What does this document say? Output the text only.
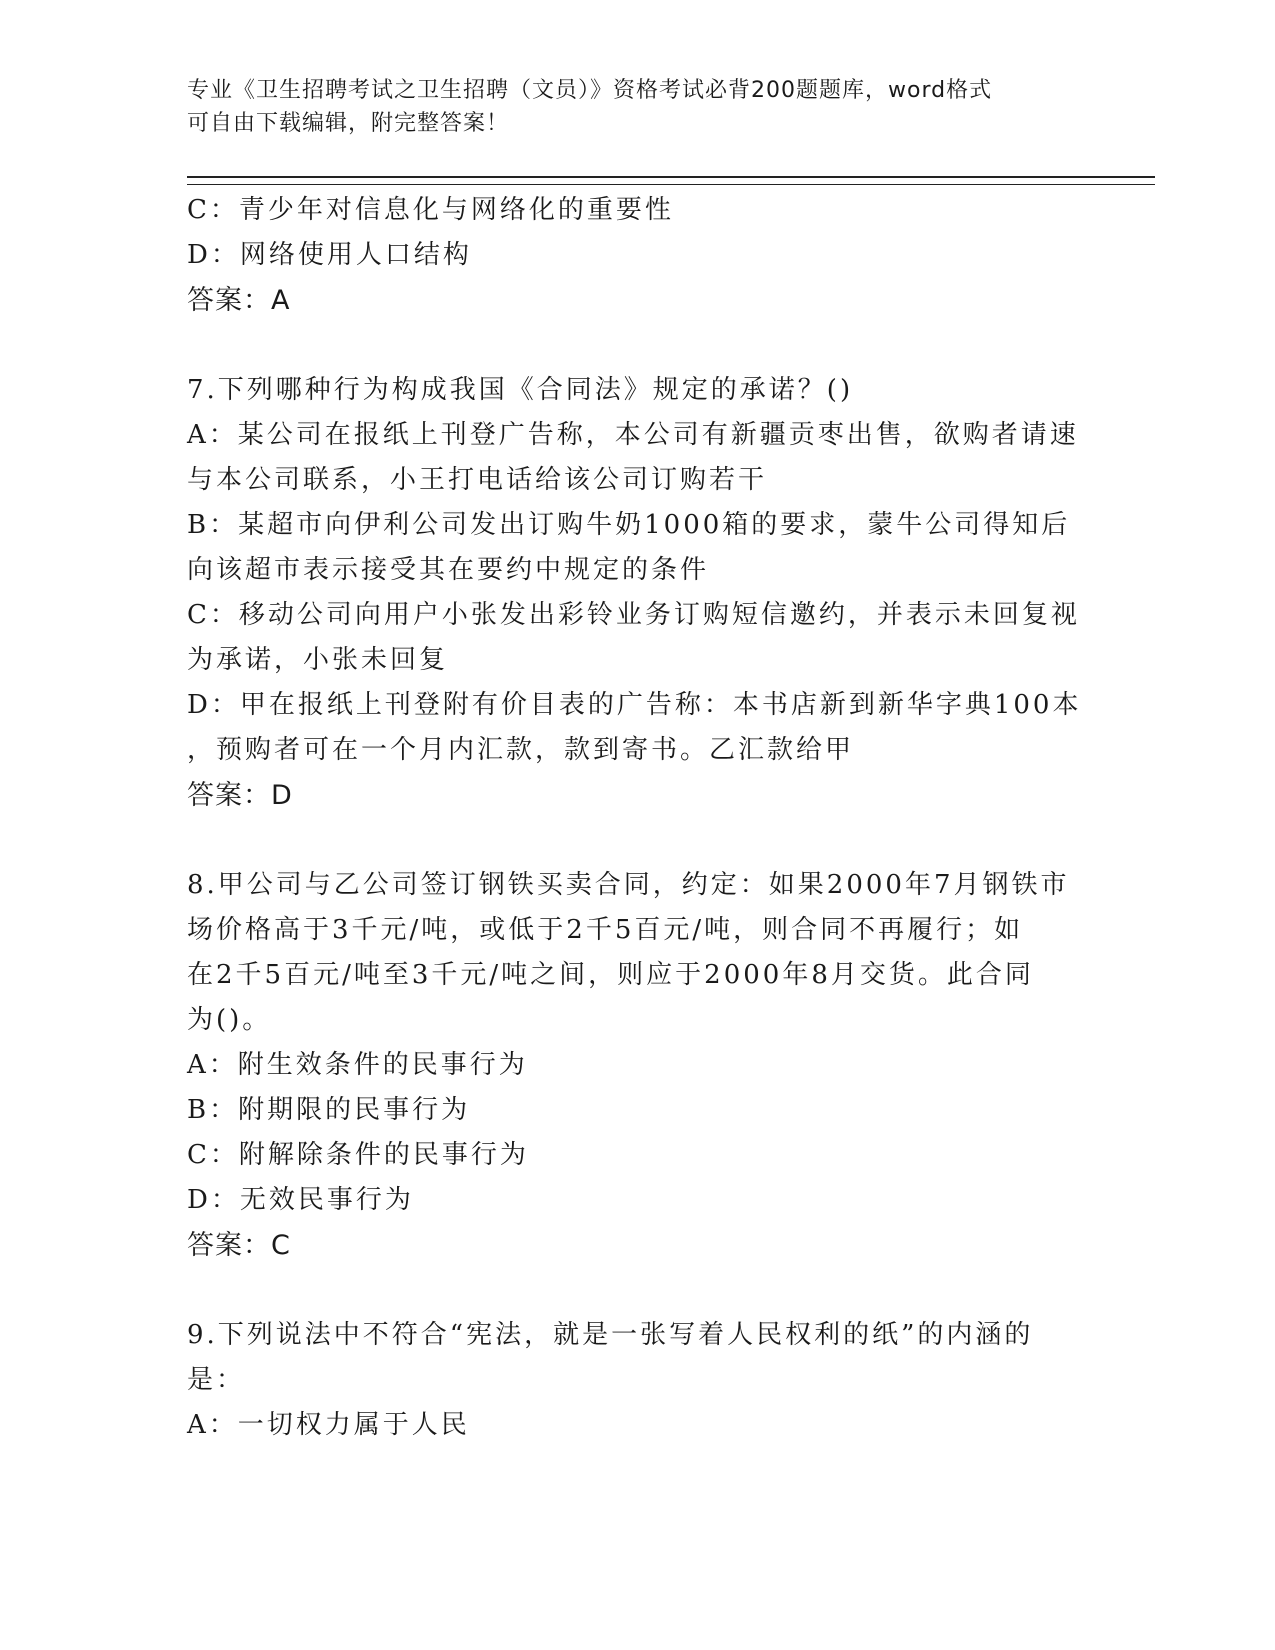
专业《卫生招聘考试之卫生招聘（文员）》资格考试必背200题题库，word格式
可自由下载编辑，附完整答案！
C：青少年对信息化与网络化的重要性
D：网络使用人口结构
答案：A
7.下列哪种行为构成我国《合同法》规定的承诺？()
A：某公司在报纸上刊登广告称，本公司有新疆贡枣出售，欲购者请速
与本公司联系，小王打电话给该公司订购若干
B：某超市向伊利公司发出订购牛奶1000箱的要求，蒙牛公司得知后
向该超市表示接受其在要约中规定的条件
C：移动公司向用户小张发出彩铃业务订购短信邀约，并表示未回复视
为承诺，小张未回复
D：甲在报纸上刊登附有价目表的广告称：本书店新到新华字典100本
，预购者可在一个月内汇款，款到寄书。乙汇款给甲
答案：D
8.甲公司与乙公司签订钢铁买卖合同，约定：如果2000年7月钢铁市
场价格高于3千元/吨，或低于2千5百元/吨，则合同不再履行；如
在2千5百元/吨至3千元/吨之间，则应于2000年8月交货。此合同
为()。
A：附生效条件的民事行为
B：附期限的民事行为
C：附解除条件的民事行为
D：无效民事行为
答案：C
9.下列说法中不符合“宪法，就是一张写着人民权利的纸”的内涵的
是：
A：一切权力属于人民
